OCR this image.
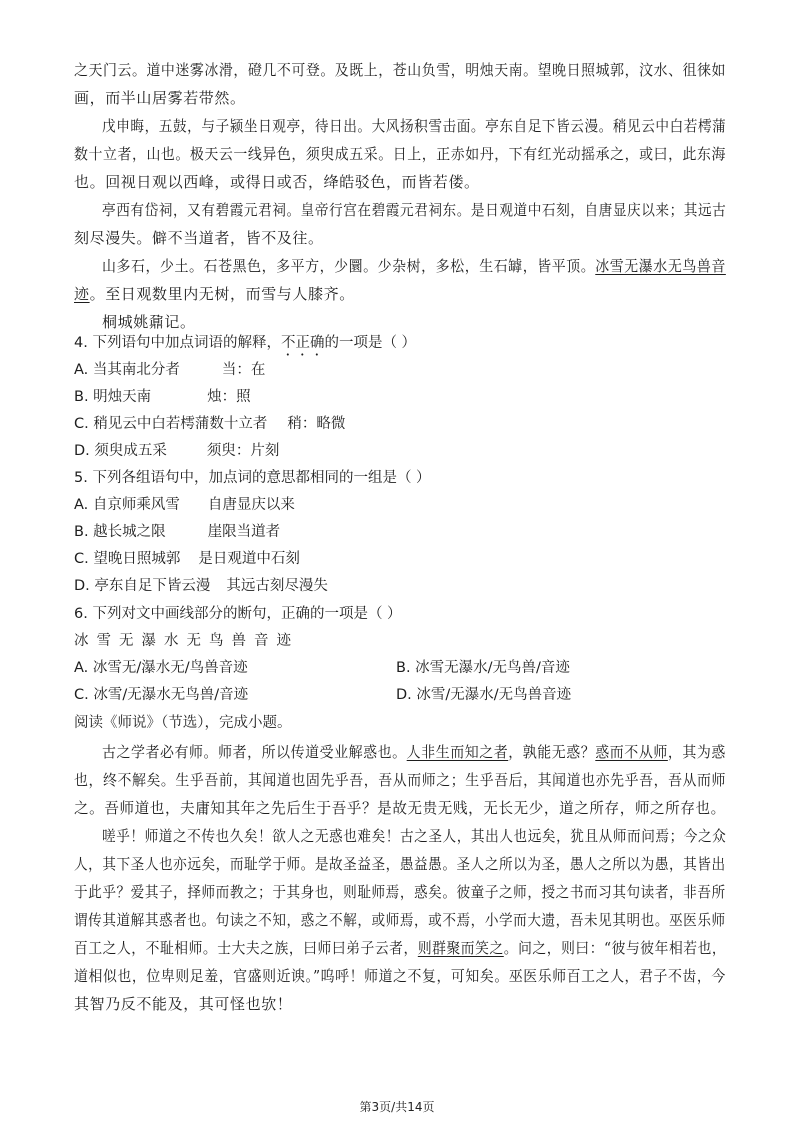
之天门云。道中迷雾冰滑，磴几不可登。及既上，苍山负雪，明烛天南。望晚日照城郭，汶水、徂徕如
画，而半山居雾若带然。
戊申晦，五鼓，与子颍坐日观亭，待日出。大风扬积雪击面。亭东自足下皆云漫。稍见云中白若樗蒲
数十立者，山也。极天云一线异色，须臾成五采。日上，正赤如丹，下有红光动摇承之，或曰，此东海
也。回视日观以西峰，或得日或否，绛皓驳色，而皆若偻。
亭西有岱祠，又有碧霞元君祠。皇帝行宫在碧霞元君祠东。是日观道中石刻，自唐显庆以来；其远古
刻尽漫失。僻不当道者，皆不及往。
山多石，少土。石苍黑色，多平方，少圜。少杂树，多松，生石罅，皆平顶。冰雪无瀑水无鸟兽音
迹。至日观数里内无树，而雪与人膝齐。
桐城姚鼐记。
4. 下列语句中加点词语的解释，不正确的一项是（ ）
A. 当其南北分者	当：在
B. 明烛天南	烛：照
C. 稍见云中白若樗蒲数十立者 稍：略微
D. 须臾成五采	须臾：片刻
5. 下列各组语句中，加点词的意思都相同的一组是（ ）
A. 自京师乘风雪 自唐显庆以来
B. 越长城之限	崖限当道者
C. 望晚日照城郭 是日观道中石刻
D. 亭东自足下皆云漫 其远古刻尽漫失
6. 下列对文中画线部分的断句，正确的一项是（ ）
冰雪无瀑水无鸟兽音迹
A. 冰雪无/瀑水无/鸟兽音迹	B. 冰雪无瀑水/无鸟兽/音迹
C. 冰雪/无瀑水无鸟兽/音迹	D. 冰雪/无瀑水/无鸟兽音迹
阅读《师说》（节选），完成小题。
古之学者必有师。师者，所以传道受业解惑也。人非生而知之者，孰能无惑？惑而不从师，其为惑
也，终不解矣。生乎吾前，其闻道也固先乎吾，吾从而师之；生乎吾后，其闻道也亦先乎吾，吾从而师
之。吾师道也，夫庸知其年之先后生于吾乎？是故无贵无贱，无长无少，道之所存，师之所存也。
嗟乎！师道之不传也久矣！欲人之无惑也难矣！古之圣人，其出人也远矣，犹且从师而问焉；今之众
人，其下圣人也亦远矣，而耻学于师。是故圣益圣，愚益愚。圣人之所以为圣，愚人之所以为愚，其皆出
于此乎？爱其子，择师而教之；于其身也，则耻师焉，惑矣。彼童子之师，授之书而习其句读者，非吾所
谓传其道解其惑者也。句读之不知，惑之不解，或师焉，或不焉，小学而大遗，吾未见其明也。巫医乐师
百工之人，不耻相师。士大夫之族，曰师曰弟子云者，则群聚而笑之。问之，则曰：“彼与彼年相若也，
道相似也，位卑则足羞，官盛则近谀。”呜呼！师道之不复，可知矣。巫医乐师百工之人，君子不齿，今
其智乃反不能及，其可怪也欤！
第3页/共14页
